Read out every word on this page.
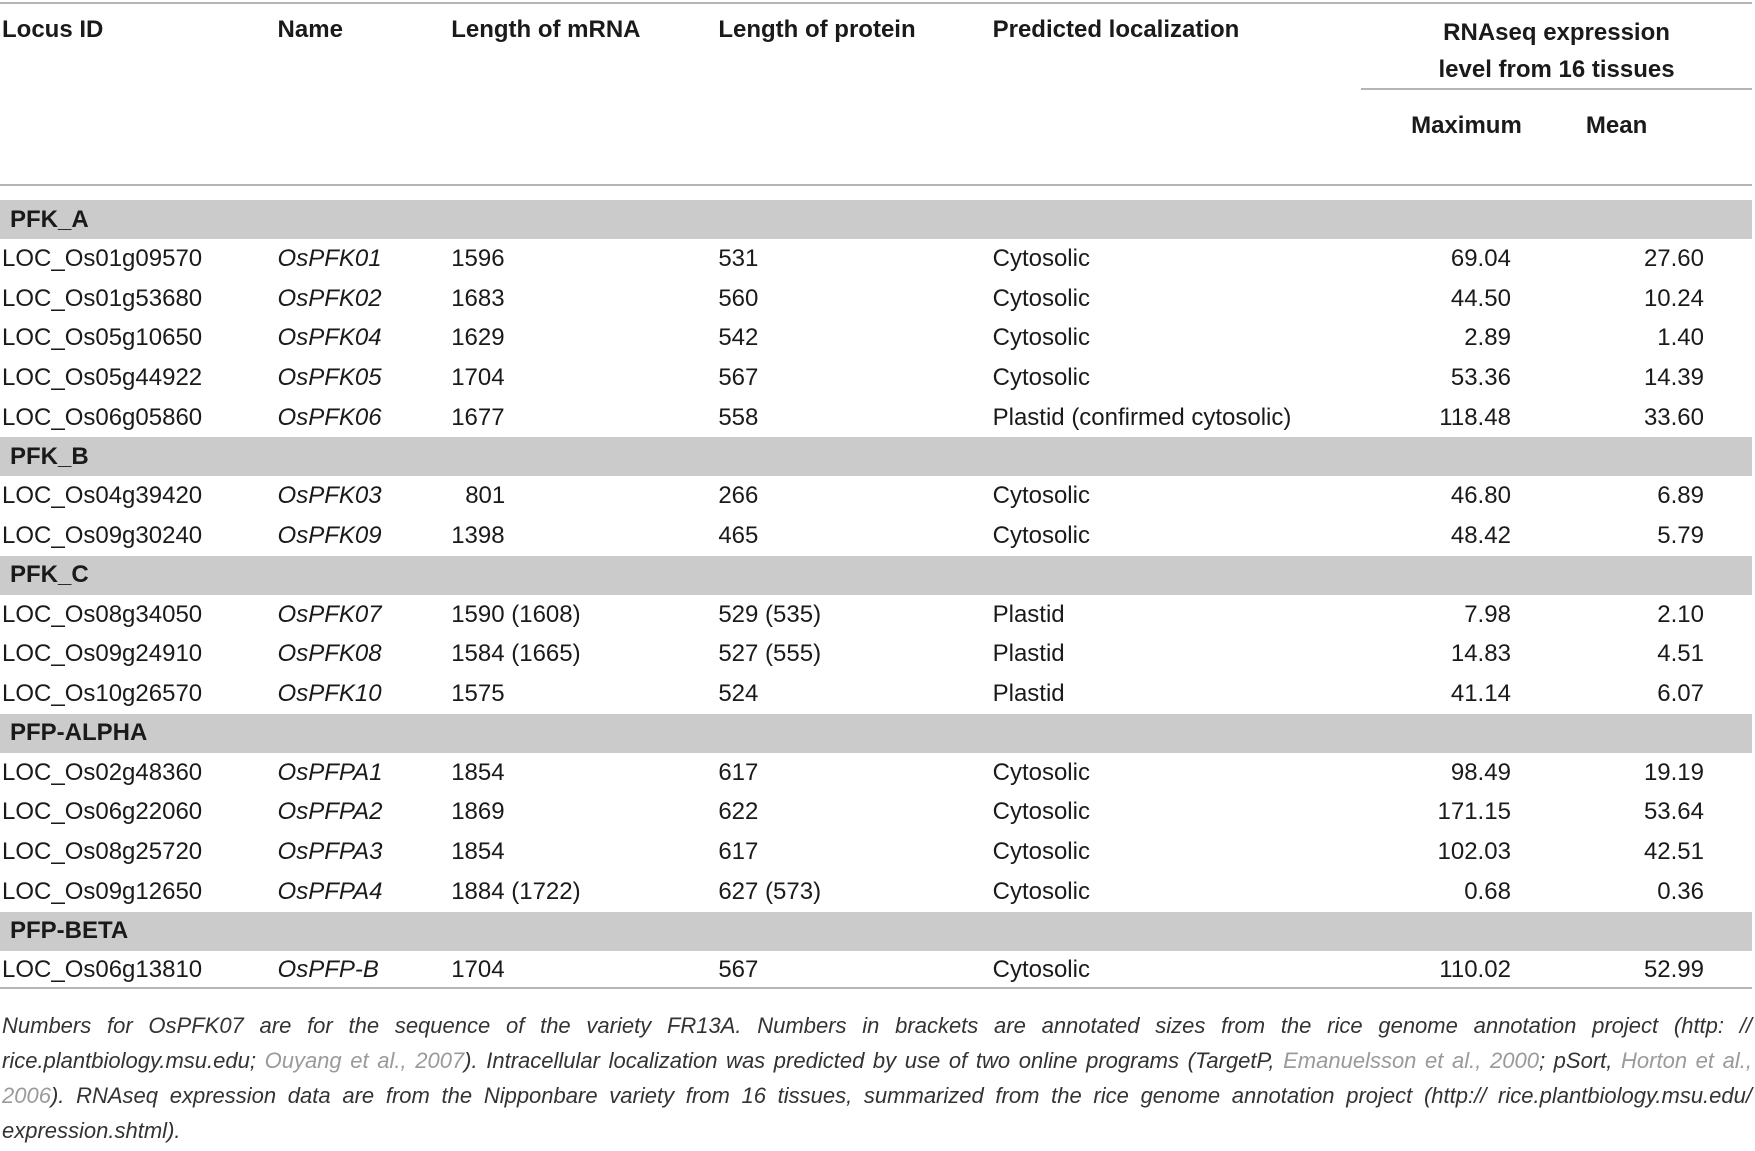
Locus ID	Name	Length of mRNA	Length of protein	Predicted localization	RNAseq expression
level from 16 tissues	

					Maximum	Mean

PFK_A						
LOC_Os01g09570	OsPFK01	1596	531	Cytosolic	69.04	27.60
LOC_Os01g53680	OsPFK02	1683	560	Cytosolic	44.50	10.24
LOC_Os05g10650	OsPFK04	1629	542	Cytosolic	2.89	1.40
LOC_Os05g44922	OsPFK05	1704	567	Cytosolic	53.36	14.39
LOC_Os06g05860	OsPFK06	1677	558	Plastid (confirmed cytosolic)	118.48	33.60
PFK_B						
LOC_Os04g39420	OsPFK03	801	266	Cytosolic	46.80	6.89
LOC_Os09g30240	OsPFK09	1398	465	Cytosolic	48.42	5.79
PFK_C						
LOC_Os08g34050	OsPFK07	1590 (1608)	529 (535)	Plastid	7.98	2.10
LOC_Os09g24910	OsPFK08	1584 (1665)	527 (555)	Plastid	14.83	4.51
LOC_Os10g26570	OsPFK10	1575	524	Plastid	41.14	6.07
PFP-ALPHA						
LOC_Os02g48360	OsPFPA1	1854	617	Cytosolic	98.49	19.19
LOC_Os06g22060	OsPFPA2	1869	622	Cytosolic	171.15	53.64
LOC_Os08g25720	OsPFPA3	1854	617	Cytosolic	102.03	42.51
LOC_Os09g12650	OsPFPA4	1884 (1722)	627 (573)	Cytosolic	0.68	0.36
PFP-BETA						
LOC_Os06g13810	OsPFP-B	1704	567	Cytosolic	110.02	52.99
Numbers for OsPFK07 are for the sequence of the variety FR13A. Numbers in brackets are annotated sizes from the rice genome annotation project (http: // rice.plantbiology.msu.edu; Ouyang et al., 2007). Intracellular localization was predicted by use of two online programs (TargetP, Emanuelsson et al., 2000; pSort, Horton et al., 2006). RNAseq expression data are from the Nipponbare variety from 16 tissues, summarized from the rice genome annotation project (http:// rice.plantbiology.msu.edu/ expression.shtml).
